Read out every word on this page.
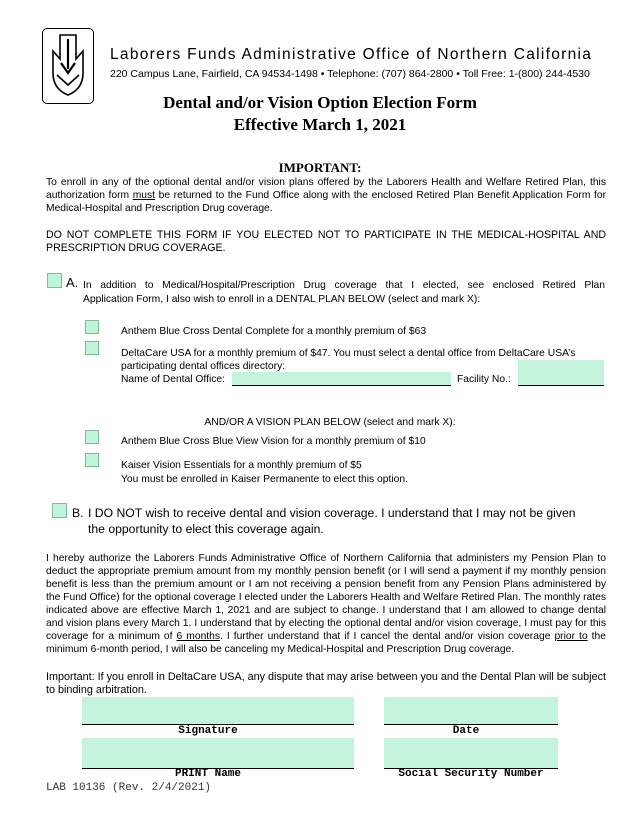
Laborers Funds Administrative Office of Northern California
220 Campus Lane, Fairfield, CA 94534-1498 • Telephone: (707) 864-2800 • Toll Free: 1-(800) 244-4530
Dental and/or Vision Option Election Form
Effective March 1, 2021
IMPORTANT:
To enroll in any of the optional dental and/or vision plans offered by the Laborers Health and Welfare Retired Plan, this authorization form must be returned to the Fund Office along with the enclosed Retired Plan Benefit Application Form for Medical-Hospital and Prescription Drug coverage.
DO NOT COMPLETE THIS FORM IF YOU ELECTED NOT TO PARTICIPATE IN THE MEDICAL-HOSPITAL AND PRESCRIPTION DRUG COVERAGE.
A. In addition to Medical/Hospital/Prescription Drug coverage that I elected, see enclosed Retired Plan
Application Form, I also wish to enroll in a DENTAL PLAN BELOW (select and mark X):
Anthem Blue Cross Dental Complete for a monthly premium of $63
DeltaCare USA for a monthly premium of $47. You must select a dental office from DeltaCare USA’s
participating dental offices directory:
Name of Dental Office:	Facility No.:
AND/OR A VISION PLAN BELOW (select and mark X):
Anthem Blue Cross Blue View Vision for a monthly premium of $10
Kaiser Vision Essentials for a monthly premium of $5
You must be enrolled in Kaiser Permanente to elect this option.
B. I DO NOT wish to receive dental and vision coverage. I understand that I may not be given
the opportunity to elect this coverage again.
I hereby authorize the Laborers Funds Administrative Office of Northern California that administers my Pension Plan to deduct the appropriate premium amount from my monthly pension benefit (or I will send a payment if my monthly pension benefit is less than the premium amount or I am not receiving a pension benefit from any Pension Plans administered by the Fund Office) for the optional coverage I elected under the Laborers Health and Welfare Retired Plan. The monthly rates indicated above are effective March 1, 2021 and are subject to change. I understand that I am allowed to change dental and vision plans every March 1. I understand that by electing the optional dental and/or vision coverage, I must pay for this coverage for a minimum of 6 months. I further understand that if I cancel the dental and/or vision coverage prior to the minimum 6-month period, I will also be canceling my Medical-Hospital and Prescription Drug coverage.
Important: If you enroll in DeltaCare USA, any dispute that may arise between you and the Dental Plan will be subject to binding arbitration.
Signature	Date
PRINT Name	Social Security Number
LAB 10136 (Rev. 2/4/2021)
